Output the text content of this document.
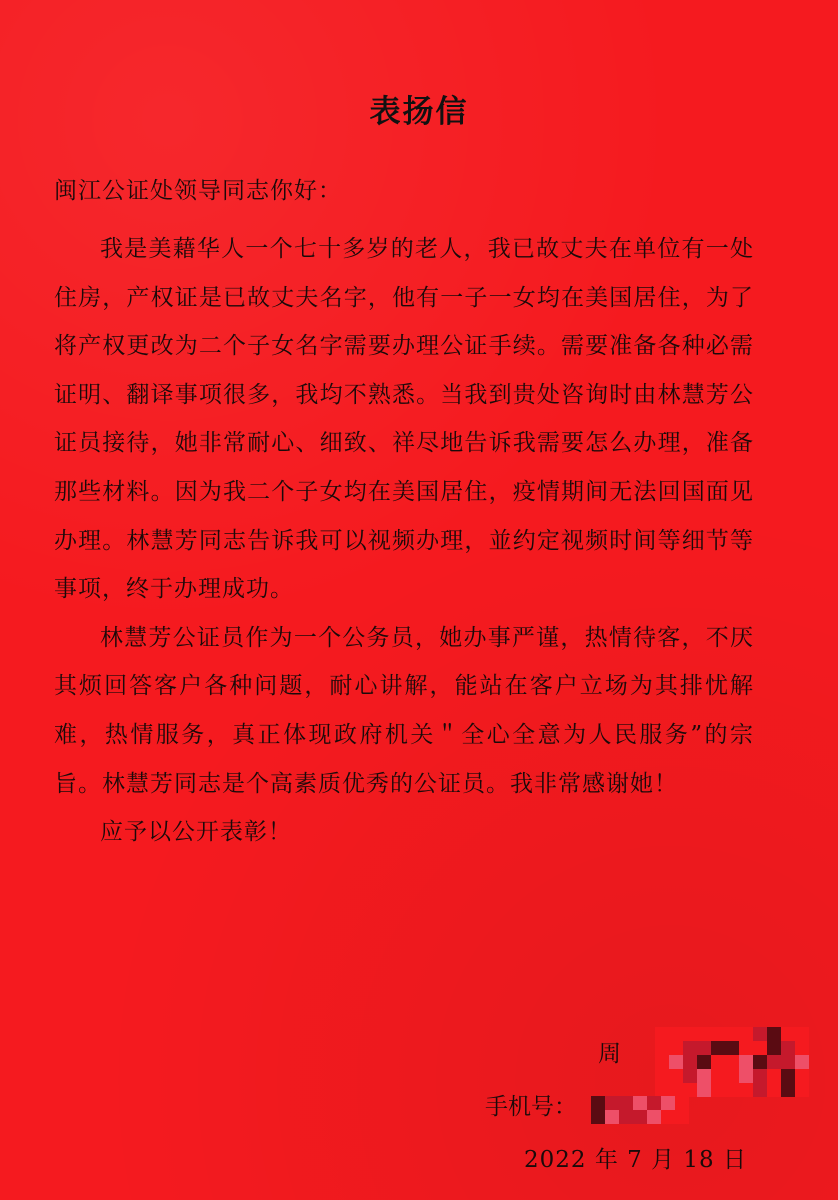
表扬信
闽江公证处领导同志你好：

我是美藉华人一个七十多岁的老人，我已故丈夫在单位有一处住房，产权证是已故丈夫名字，他有一子一女均在美国居住，为了将产权更改为二个子女名字需要办理公证手续。需要准备各种必需证明、翻译事项很多，我均不熟悉。当我到贵处咨询时由林慧芳公证员接待，她非常耐心、细致、祥尽地告诉我需要怎么办理，准备那些材料。因为我二个子女均在美国居住，疫情期间无法回国面见办理。林慧芳同志告诉我可以视频办理，並约定视频时间等细节等事项，终于办理成功。

林慧芳公证员作为一个公务员，她办事严谨，热情待客，不厌其烦回答客户各种问题，耐心讲解，能站在客户立场为其排忧解难，热情服务，真正体现政府机关＂全心全意为人民服务”的宗旨。林慧芳同志是个高素质优秀的公证员。我非常感谢她！

应予以公开表彰！

周
手机号：
2022 年 7 月 18 日
